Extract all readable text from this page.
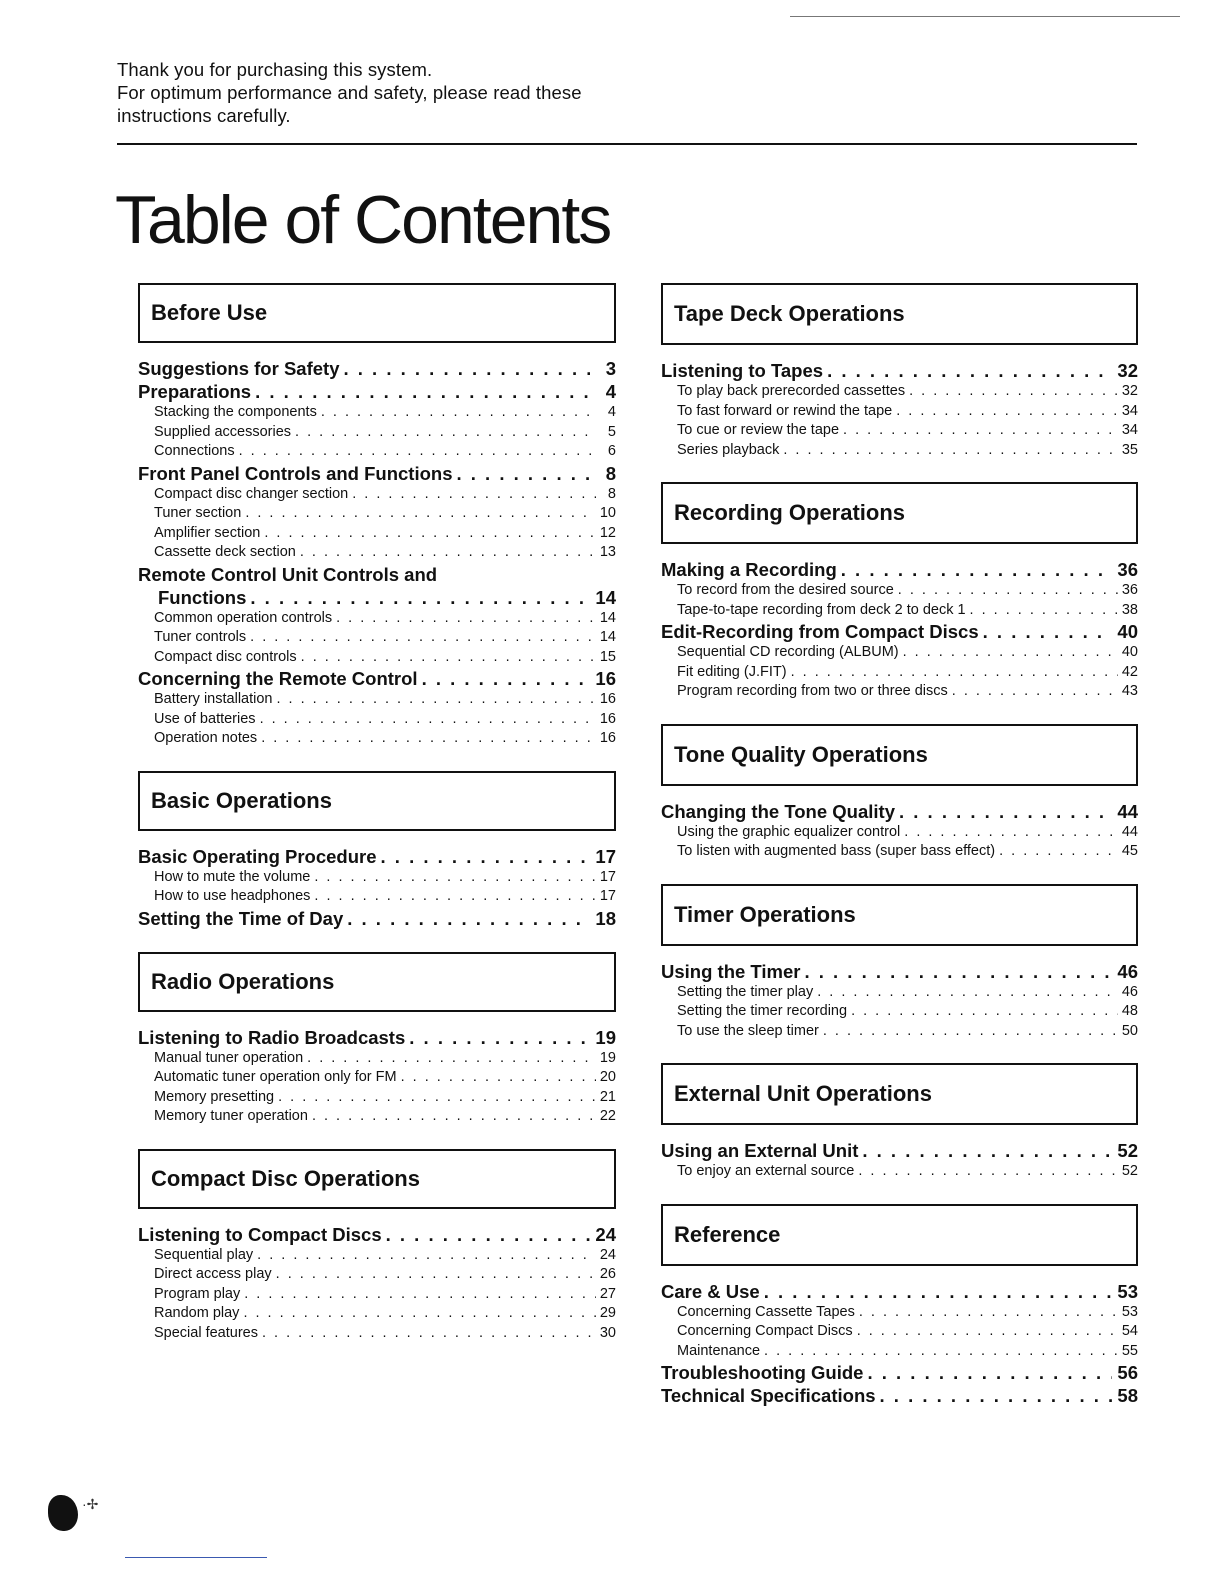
Thank you for purchasing this system.
For optimum performance and safety, please read these
instructions carefully.
Table of Contents
Before Use
Suggestions for Safety . . .	3
Preparations . . .	4
Stacking the components . . .	4
Supplied accessories . . .	5
Connections . . .	6
Front Panel Controls and Functions . . .	8
Compact disc changer section . . .	8
Tuner section . . .	10
Amplifier section . . .	12
Cassette deck section . . .	13
Remote Control Unit Controls and
Functions . . .	14
Common operation controls . . .	14
Tuner controls . . .	14
Compact disc controls . . .	15
Concerning the Remote Control . . .	16
Battery installation . . .	16
Use of batteries . . .	16
Operation notes . . .	16
Basic Operations
Basic Operating Procedure . . .	17
How to mute the volume . . .	17
How to use headphones . . .	17
Setting the Time of Day . . .	18
Radio Operations
Listening to Radio Broadcasts . . .	19
Manual tuner operation . . .	19
Automatic tuner operation only for FM . . .	20
Memory presetting . . .	21
Memory tuner operation . . .	22
Compact Disc Operations
Listening to Compact Discs . . .	24
Sequential play . . .	24
Direct access play . . .	26
Program play . . .	27
Random play . . .	29
Special features . . .	30
Tape Deck Operations
Listening to Tapes . . .	32
To play back prerecorded cassettes . . .	32
To fast forward or rewind the tape . . .	34
To cue or review the tape . . .	34
Series playback . . .	35
Recording Operations
Making a Recording . . .	36
To record from the desired source . . .	36
Tape-to-tape recording from deck 2 to deck 1 . . .	38
Edit-Recording from Compact Discs . . .	40
Sequential CD recording (ALBUM) . . .	40
Fit editing (J.FIT) . . .	42
Program recording from two or three discs . . .	43
Tone Quality Operations
Changing the Tone Quality . . .	44
Using the graphic equalizer control . . .	44
To listen with augmented bass (super bass effect) . . .	45
Timer Operations
Using the Timer . . .	46
Setting the timer play . . .	46
Setting the timer recording . . .	48
To use the sleep timer . . .	50
External Unit Operations
Using an External Unit . . .	52
To enjoy an external source . . .	52
Reference
Care & Use . . .	53
Concerning Cassette Tapes . . .	53
Concerning Compact Discs . . .	54
Maintenance . . .	55
Troubleshooting Guide . . .	56
Technical Specifications . . .	58
·✢
